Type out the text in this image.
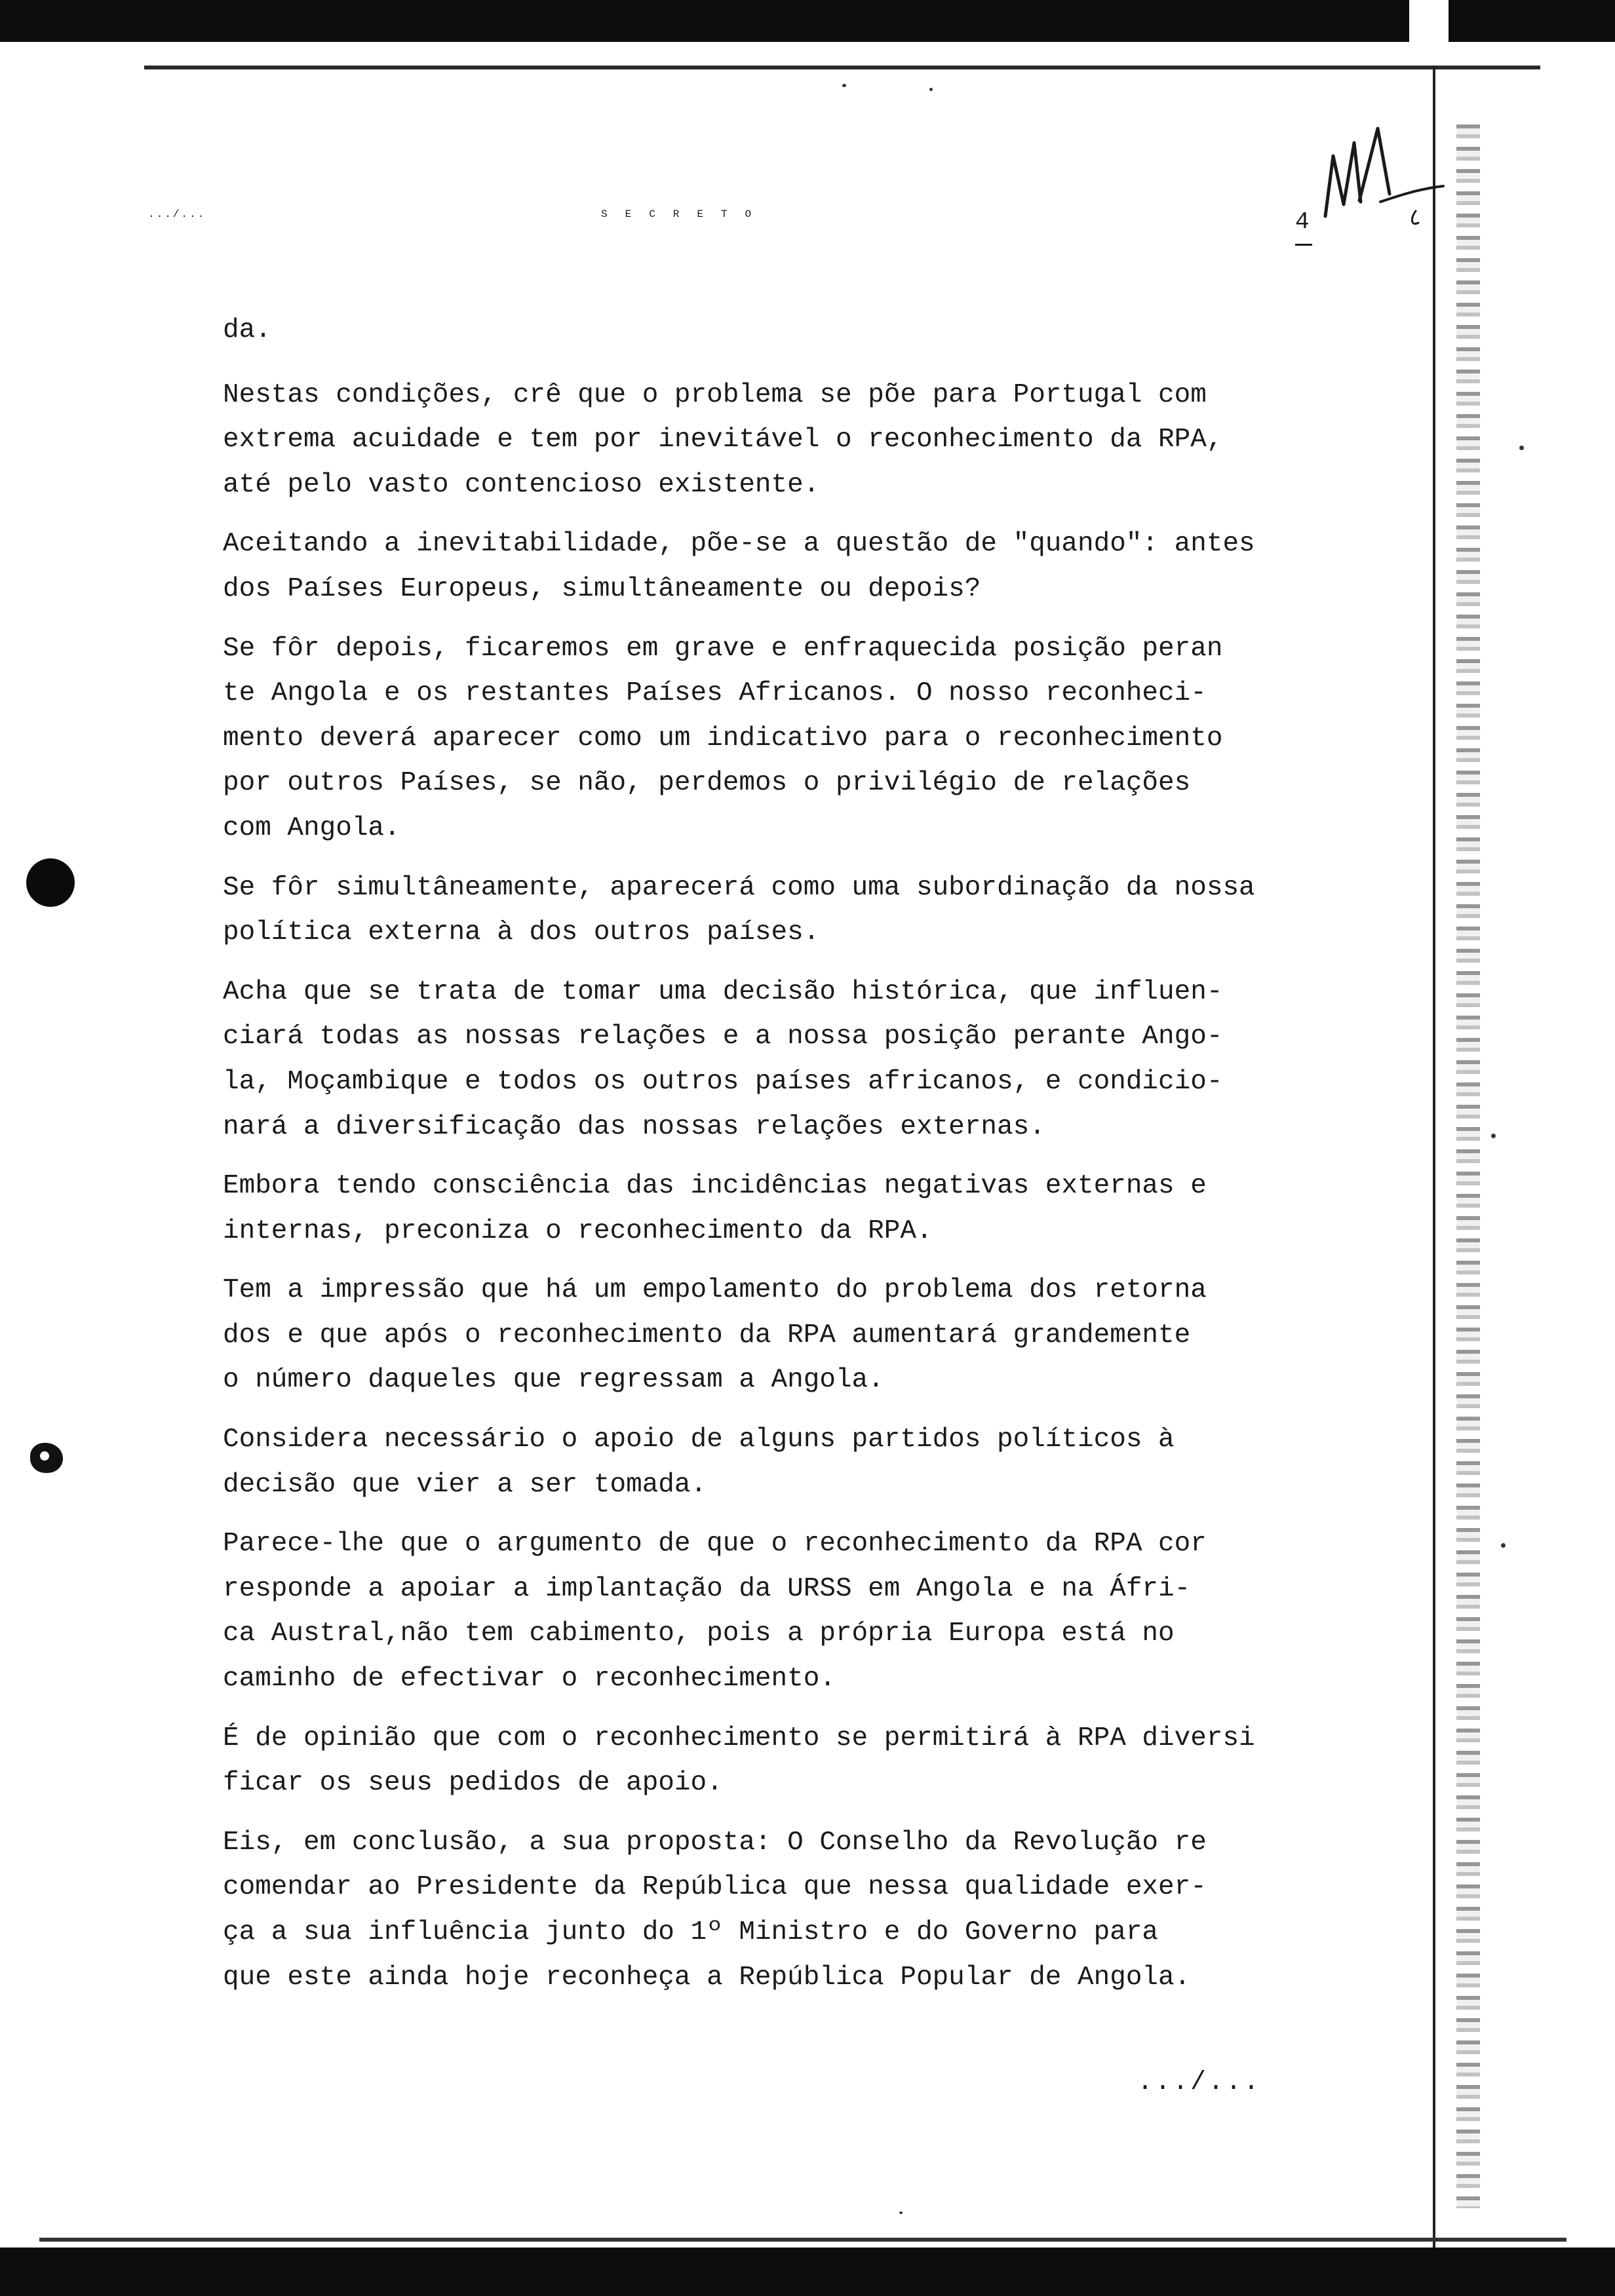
.../...	SECRETO	4

da.

Nestas condições, crê que o problema se põe para Portugal com
extrema acuidade e tem por inevitável o reconhecimento da RPA,
até pelo vasto contencioso existente.

Aceitando a inevitabilidade, põe-se a questão de "quando": antes
dos Países Europeus, simultâneamente ou depois?

Se fôr depois, ficaremos em grave e enfraquecida posição peran
te Angola e os restantes Países Africanos. O nosso reconheci-
mento deverá aparecer como um indicativo para o reconhecimento
por outros Países, se não, perdemos o privilégio de relações
com Angola.

Se fôr simultâneamente, aparecerá como uma subordinação da nossa
política externa à dos outros países.

Acha que se trata de tomar uma decisão histórica, que influen-
ciará todas as nossas relações e a nossa posição perante Ango-
la, Moçambique e todos os outros países africanos, e condicio-
nará a diversificação das nossas relações externas.

Embora tendo consciência das incidências negativas externas e
internas, preconiza o reconhecimento da RPA.

Tem a impressão que há um empolamento do problema dos retorna
dos e que após o reconhecimento da RPA aumentará grandemente
o número daqueles que regressam a Angola.

Considera necessário o apoio de alguns partidos políticos à
decisão que vier a ser tomada.

Parece-lhe que o argumento de que o reconhecimento da RPA cor
responde a apoiar a implantação da URSS em Angola e na Áfri-
ca Austral,não tem cabimento, pois a própria Europa está no
caminho de efectivar o reconhecimento.

É de opinião que com o reconhecimento se permitirá à RPA diversi
ficar os seus pedidos de apoio.

Eis, em conclusão, a sua proposta: O Conselho da Revolução re
comendar ao Presidente da República que nessa qualidade exer-
ça a sua influência junto do 1º Ministro e do Governo para
que este ainda hoje reconheça a República Popular de Angola.

.../...
